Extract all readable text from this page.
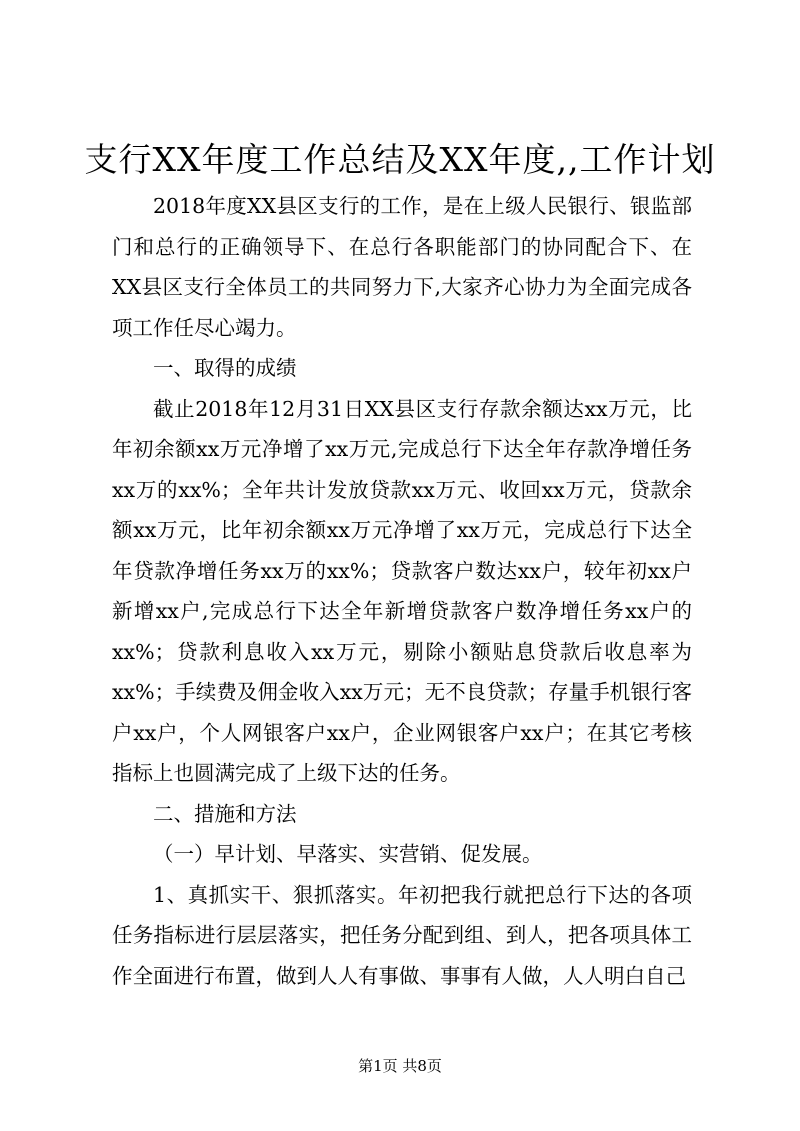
支行XX年度工作总结及XX年度,,工作计划

2018年度XX县区支行的工作，是在上级人民银行、银监部门和总行的正确领导下、在总行各职能部门的协同配合下、在XX县区支行全体员工的共同努力下,大家齐心协力为全面完成各项工作任尽心竭力。

一、取得的成绩

截止2018年12月31日XX县区支行存款余额达xx万元，比年初余额xx万元净增了xx万元,完成总行下达全年存款净增任务xx万的xx%；全年共计发放贷款xx万元、收回xx万元，贷款余额xx万元，比年初余额xx万元净增了xx万元，完成总行下达全年贷款净增任务xx万的xx%；贷款客户数达xx户，较年初xx户新增xx户,完成总行下达全年新增贷款客户数净增任务xx户的xx%；贷款利息收入xx万元，剔除小额贴息贷款后收息率为xx%；手续费及佣金收入xx万元；无不良贷款；存量手机银行客户xx户，个人网银客户xx户，企业网银客户xx户；在其它考核指标上也圆满完成了上级下达的任务。

二、措施和方法

（一）早计划、早落实、实营销、促发展。

1、真抓实干、狠抓落实。年初把我行就把总行下达的各项任务指标进行层层落实，把任务分配到组、到人，把各项具体工作全面进行布置，做到人人有事做、事事有人做，人人明白自己

第1页 共8页
